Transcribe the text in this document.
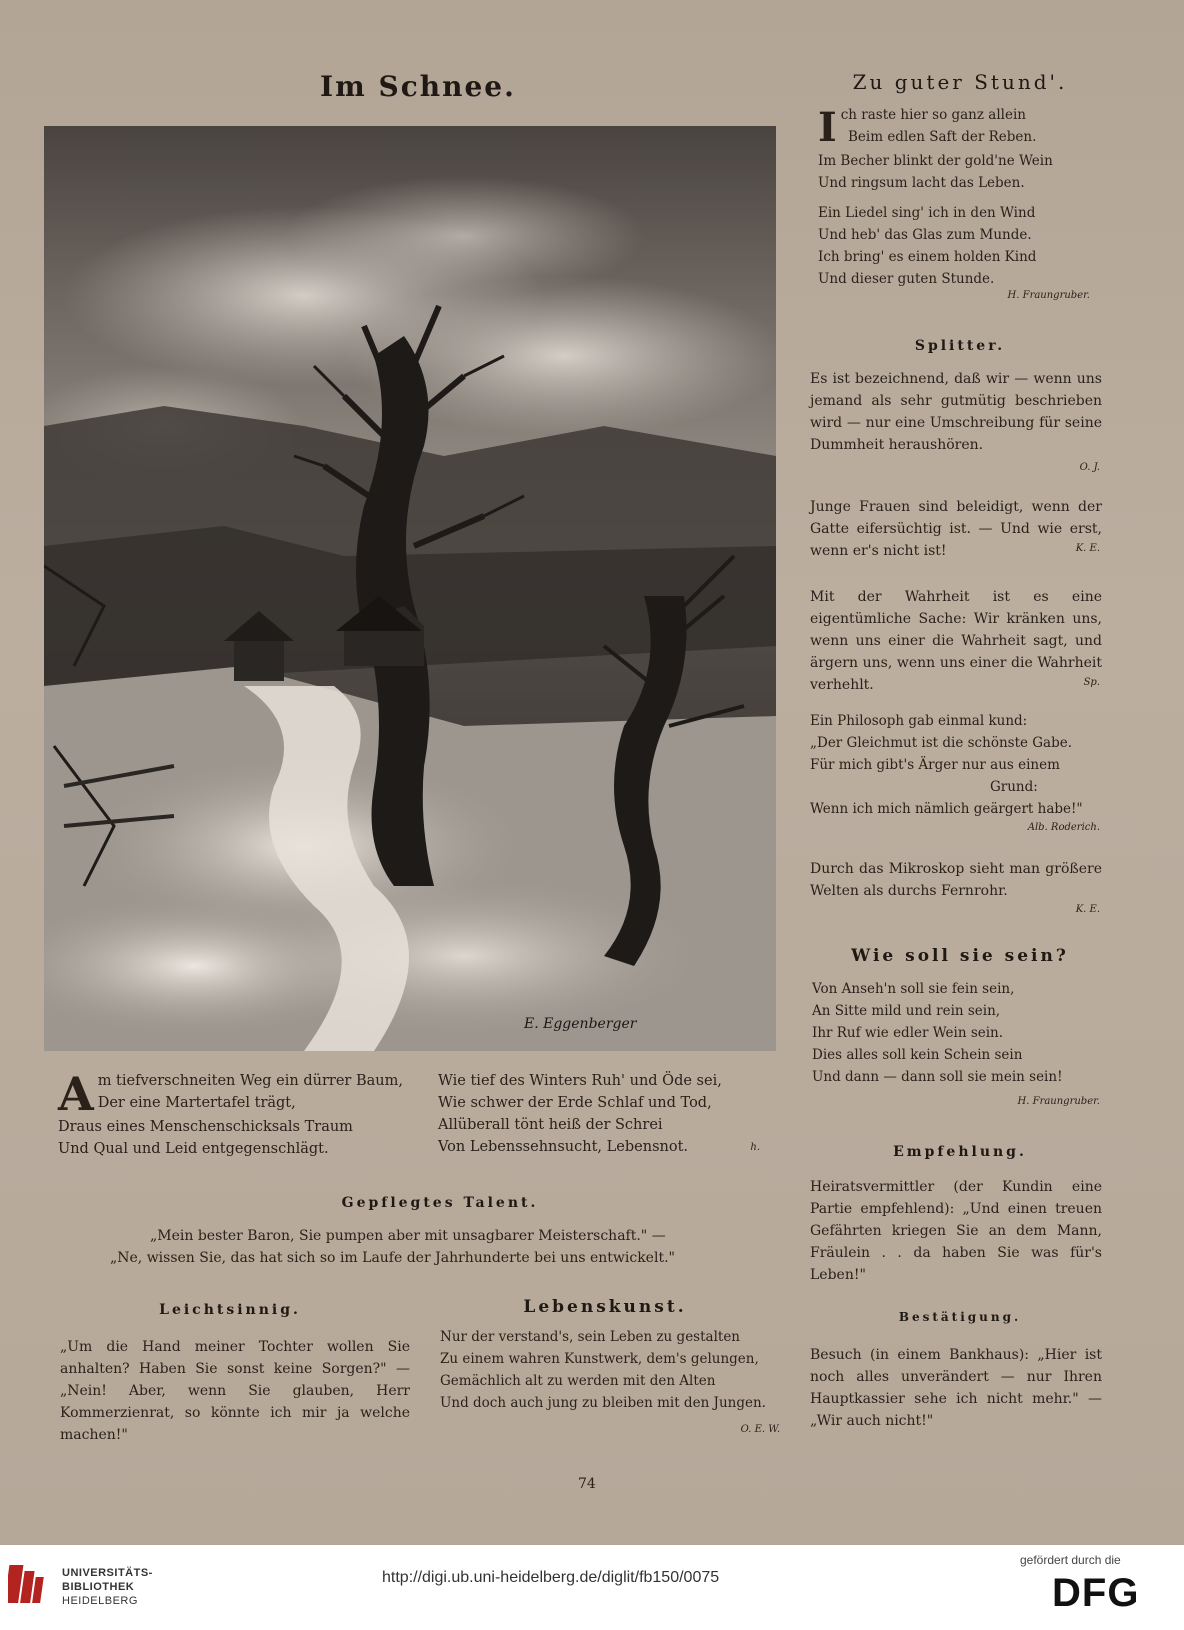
Im Schnee.
E. Eggenberger
A m tiefverschneiten Weg ein dürrer Baum,
Der eine Martertafel trägt,
Draus eines Menschenschicksals Traum
Und Qual und Leid entgegenschlägt.
Wie tief des Winters Ruh' und Öde sei,
Wie schwer der Erde Schlaf und Tod,
Allüberall tönt heiß der Schrei
Von Lebenssehnsucht, Lebensnot.	h.
Gepflegtes Talent.
„Mein bester Baron, Sie pumpen aber mit unsagbarer Meisterschaft." —
„Ne, wissen Sie, das hat sich so im Laufe der Jahrhunderte bei uns entwickelt."
Leichtsinnig.
„Um die Hand meiner Tochter wollen Sie anhalten? Haben Sie sonst keine Sorgen?" — „Nein! Aber, wenn Sie glauben, Herr Kommerzienrat, so könnte ich mir ja welche machen!"
Lebenskunst.
Nur der verstand's, sein Leben zu gestalten
Zu einem wahren Kunstwerk, dem's gelungen,
Gemächlich alt zu werden mit den Alten
Und doch auch jung zu bleiben mit den Jungen.
O. E. W.
74
Zu guter Stund'.
I ch raste hier so ganz allein
Beim edlen Saft der Reben.
Im Becher blinkt der gold'ne Wein
Und ringsum lacht das Leben.
Ein Liedel sing' ich in den Wind
Und heb' das Glas zum Munde.
Ich bring' es einem holden Kind
Und dieser guten Stunde.
H. Fraungruber.
Splitter.
Es ist bezeichnend, daß wir — wenn uns jemand als sehr gutmütig beschrieben wird — nur eine Umschreibung für seine Dummheit heraushören.
O. J.
Junge Frauen sind beleidigt, wenn der Gatte eifersüchtig ist. — Und wie erst, wenn er's nicht ist!	K. E.
Mit der Wahrheit ist es eine eigentümliche Sache: Wir kränken uns, wenn uns einer die Wahrheit sagt, und ärgern uns, wenn uns einer die Wahrheit verhehlt.	Sp.
Ein Philosoph gab einmal kund:
„Der Gleichmut ist die schönste Gabe.
Für mich gibt's Ärger nur aus einem
Grund:
Wenn ich mich nämlich geärgert habe!"
Alb. Roderich.
Durch das Mikroskop sieht man größere Welten als durchs Fernrohr.
K. E.
Wie soll sie sein?
Von Anseh'n soll sie fein sein,
An Sitte mild und rein sein,
Ihr Ruf wie edler Wein sein.
Dies alles soll kein Schein sein
Und dann — dann soll sie mein sein!
H. Fraungruber.
Empfehlung.
Heiratsvermittler (der Kundin eine Partie empfehlend): „Und einen treuen Gefährten kriegen Sie an dem Mann, Fräulein . . da haben Sie was für's Leben!"
Bestätigung.
Besuch (in einem Bankhaus): „Hier ist noch alles unverändert — nur Ihren Hauptkassier sehe ich nicht mehr." — „Wir auch nicht!"
UNIVERSITÄTS-
BIBLIOTHEK
HEIDELBERG
http://digi.ub.uni-heidelberg.de/diglit/fb150/0075
gefördert durch die
DFG
